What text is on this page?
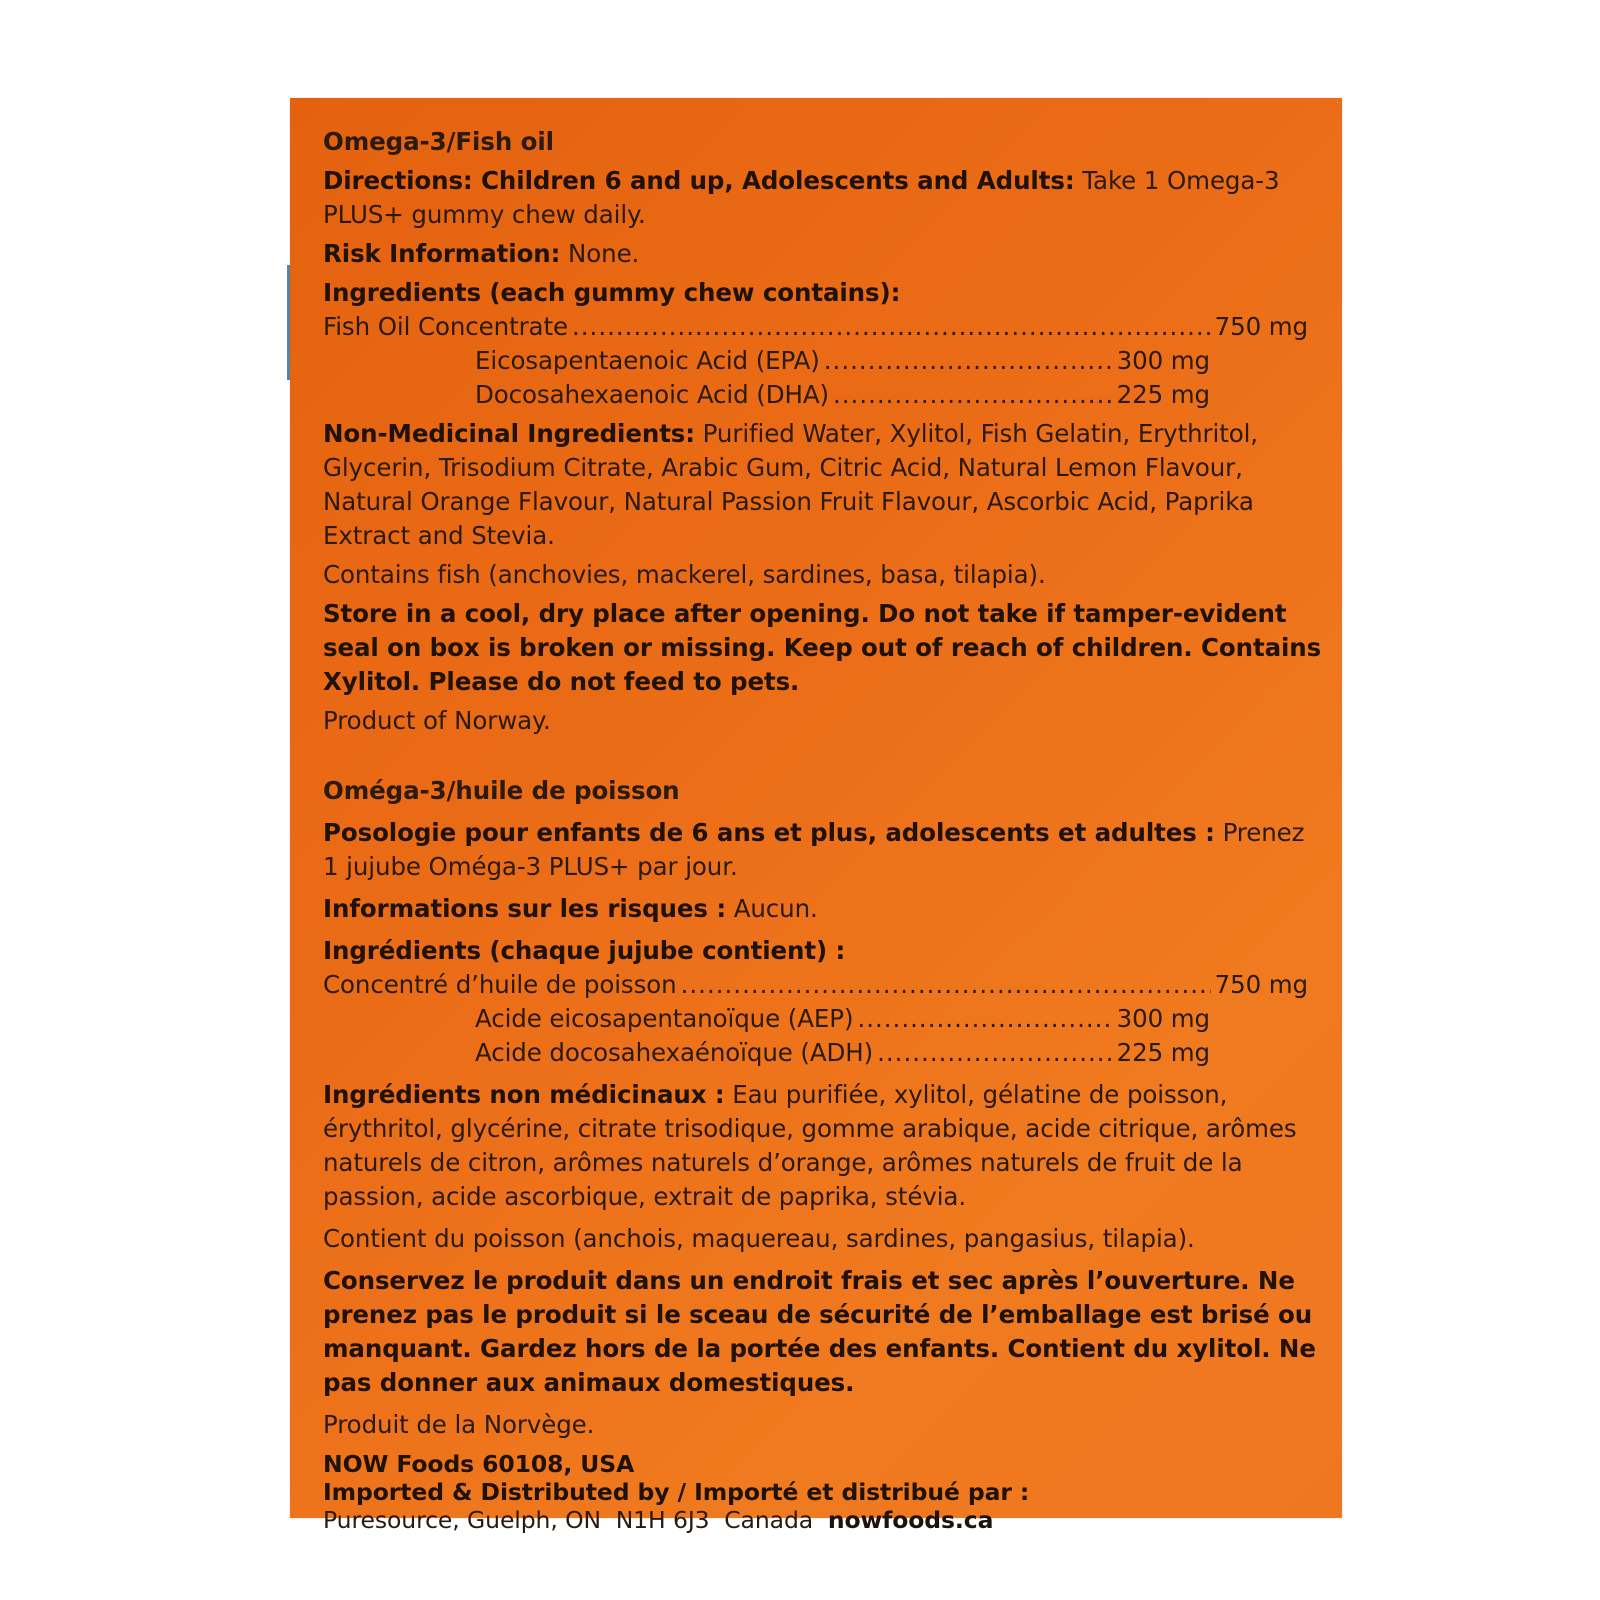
Omega-3/Fish oil

Directions: Children 6 and up, Adolescents and Adults: Take 1 Omega-3 PLUS+ gummy chew daily.

Risk Information: None.

Ingredients (each gummy chew contains):

Fish Oil Concentrate .....	750 mg
Eicosapentaenoic Acid (EPA) .....	300 mg
Docosahexaenoic Acid (DHA) .....	225 mg

Non-Medicinal Ingredients: Purified Water, Xylitol, Fish Gelatin, Erythritol, Glycerin, Trisodium Citrate, Arabic Gum, Citric Acid, Natural Lemon Flavour, Natural Orange Flavour, Natural Passion Fruit Flavour, Ascorbic Acid, Paprika Extract and Stevia.

Contains fish (anchovies, mackerel, sardines, basa, tilapia).

Store in a cool, dry place after opening. Do not take if tamper-evident seal on box is broken or missing. Keep out of reach of children. Contains Xylitol. Please do not feed to pets.

Product of Norway.

Oméga-3/huile de poisson

Posologie pour enfants de 6 ans et plus, adolescents et adultes : Prenez 1 jujube Oméga-3 PLUS+ par jour.

Informations sur les risques : Aucun.

Ingrédients (chaque jujube contient) :

Concentré d’huile de poisson .....	750 mg
Acide eicosapentanoïque (AEP) .....	300 mg
Acide docosahexaénoïque (ADH) .....	225 mg

Ingrédients non médicinaux : Eau purifiée, xylitol, gélatine de poisson, érythritol, glycérine, citrate trisodique, gomme arabique, acide citrique, arômes naturels de citron, arômes naturels d’orange, arômes naturels de fruit de la passion, acide ascorbique, extrait de paprika, stévia.

Contient du poisson (anchois, maquereau, sardines, pangasius, tilapia).

Conservez le produit dans un endroit frais et sec après l’ouverture. Ne prenez pas le produit si le sceau de sécurité de l’emballage est brisé ou manquant. Gardez hors de la portée des enfants. Contient du xylitol. Ne pas donner aux animaux domestiques.

Produit de la Norvège.

NOW Foods 60108, USA

Imported & Distributed by / Importé et distribué par :

Puresource, Guelph, ON  N1H 6J3  Canada  nowfoods.ca
